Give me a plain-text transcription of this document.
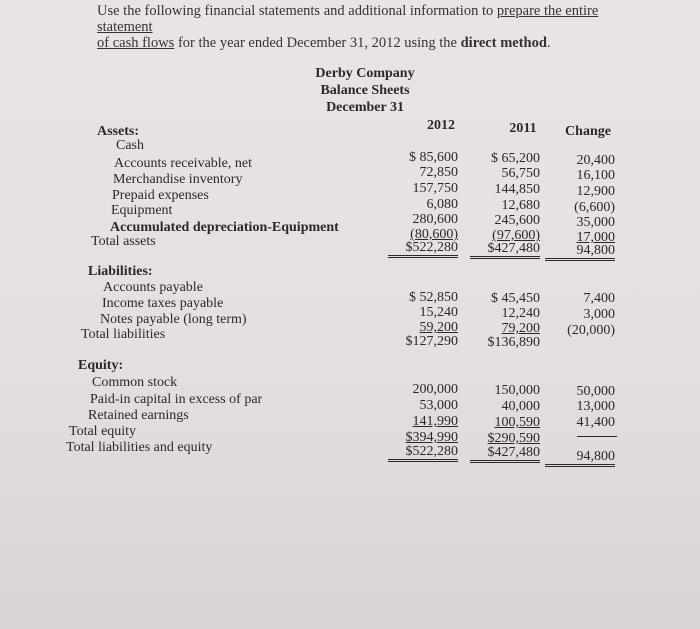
Use the following financial statements and additional information to prepare the entire statement
of cash flows for the year ended December 31, 2012 using the direct method.
Derby Company
Balance Sheets
December 31
2012	2011	Change
Assets:
Cash
Accounts receivable, net
Merchandise inventory
Prepaid expenses
Equipment
Accumulated depreciation-Equipment
Total assets
$ 85,600
72,850
157,750
6,080
280,600
(80,600)
$522,280
$ 65,200
56,750
144,850
12,680
245,600
(97,600)
$427,480
20,400
16,100
12,900
(6,600)
35,000
17,000
94,800
Liabilities:
Accounts payable
Income taxes payable
Notes payable (long term)
Total liabilities
$ 52,850
15,240
59,200
$127,290
$ 45,450
12,240
79,200
$136,890
7,400
3,000
(20,000)
Equity:
Common stock
Paid-in capital in excess of par
Retained earnings
Total equity
Total liabilities and equity
200,000
53,000
141,990
$394,990
$522,280
150,000
40,000
100,590
$290,590
$427,480
50,000
13,000
41,400
94,800
